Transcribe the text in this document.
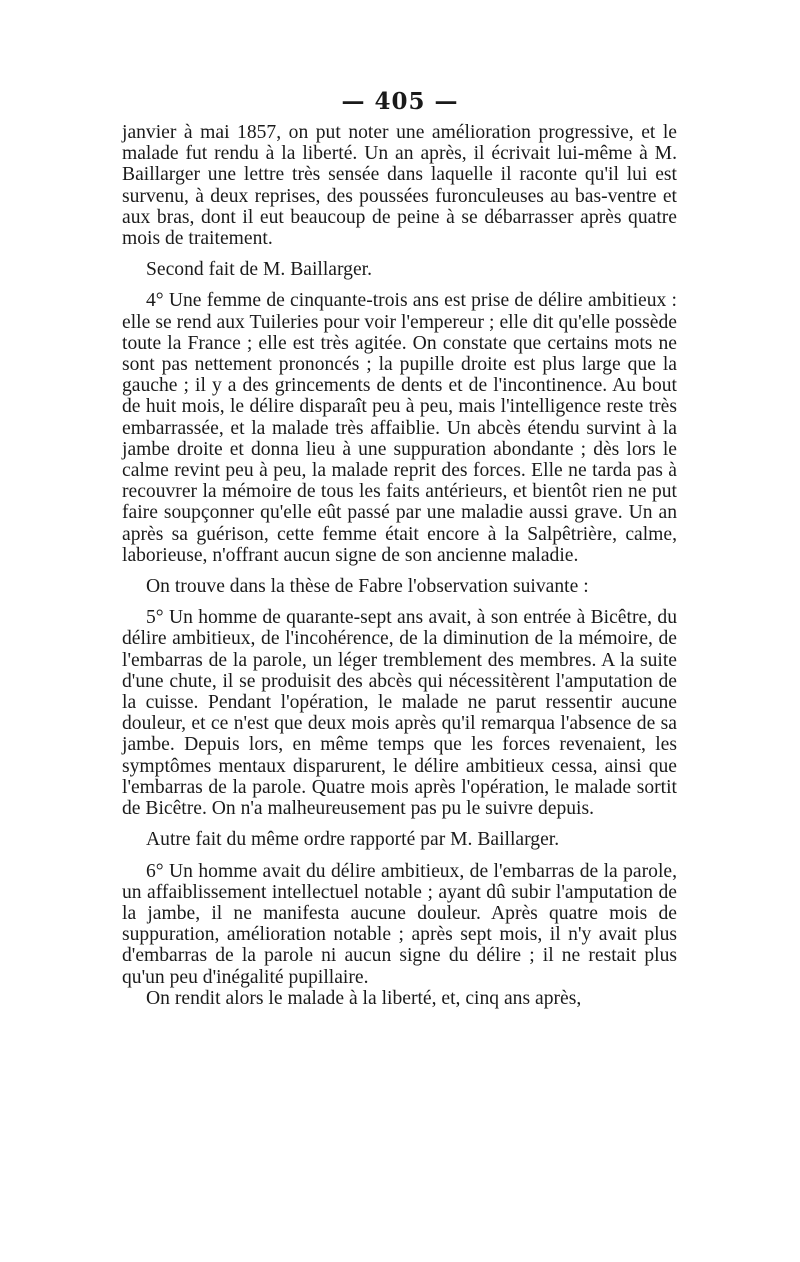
— 405 —

janvier à mai 1857, on put noter une amélioration progressive, et le malade fut rendu à la liberté. Un an après, il écrivait lui-même à M. Baillarger une lettre très sensée dans laquelle il raconte qu'il lui est survenu, à deux reprises, des poussées furonculeuses au bas-ventre et aux bras, dont il eut beaucoup de peine à se débarrasser après quatre mois de traitement.

Second fait de M. Baillarger.

4° Une femme de cinquante-trois ans est prise de délire ambitieux : elle se rend aux Tuileries pour voir l'empereur ; elle dit qu'elle possède toute la France ; elle est très agitée. On constate que certains mots ne sont pas nettement prononcés ; la pupille droite est plus large que la gauche ; il y a des grincements de dents et de l'incontinence. Au bout de huit mois, le délire disparaît peu à peu, mais l'intelligence reste très embarrassée, et la malade très affaiblie. Un abcès étendu survint à la jambe droite et donna lieu à une suppuration abondante ; dès lors le calme revint peu à peu, la malade reprit des forces. Elle ne tarda pas à recouvrer la mémoire de tous les faits antérieurs, et bientôt rien ne put faire soupçonner qu'elle eût passé par une maladie aussi grave. Un an après sa guérison, cette femme était encore à la Salpêtrière, calme, laborieuse, n'offrant aucun signe de son ancienne maladie.

On trouve dans la thèse de Fabre l'observation suivante :

5° Un homme de quarante-sept ans avait, à son entrée à Bicêtre, du délire ambitieux, de l'incohérence, de la diminution de la mémoire, de l'embarras de la parole, un léger tremblement des membres. A la suite d'une chute, il se produisit des abcès qui nécessitèrent l'amputation de la cuisse. Pendant l'opération, le malade ne parut ressentir aucune douleur, et ce n'est que deux mois après qu'il remarqua l'absence de sa jambe. Depuis lors, en même temps que les forces revenaient, les symptômes mentaux disparurent, le délire ambitieux cessa, ainsi que l'embarras de la parole. Quatre mois après l'opération, le malade sortit de Bicêtre. On n'a malheureusement pas pu le suivre depuis.

Autre fait du même ordre rapporté par M. Baillarger.

6° Un homme avait du délire ambitieux, de l'embarras de la parole, un affaiblissement intellectuel notable ; ayant dû subir l'amputation de la jambe, il ne manifesta aucune douleur. Après quatre mois de suppuration, amélioration notable ; après sept mois, il n'y avait plus d'embarras de la parole ni aucun signe du délire ; il ne restait plus qu'un peu d'inégalité pupillaire.

On rendit alors le malade à la liberté, et, cinq ans après,
